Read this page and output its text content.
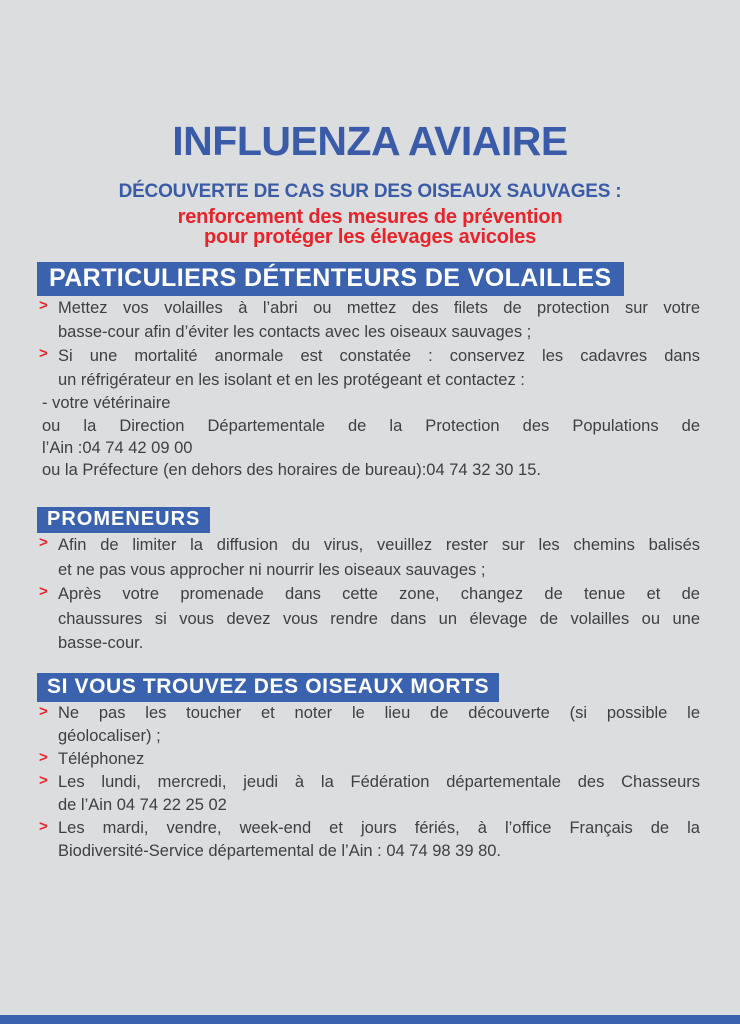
INFLUENZA AVIAIRE
DÉCOUVERTE DE CAS SUR DES OISEAUX SAUVAGES :
renforcement des mesures de prévention
pour protéger les élevages avicoles
PARTICULIERS DÉTENTEURS DE VOLAILLES

> Mettez vos volailles à l’abri ou mettez des filets de protection sur votre
basse-cour afin d’éviter les contacts avec les oiseaux sauvages ;

> Si une mortalité anormale est constatée : conservez les cadavres dans
un réfrigérateur en les isolant et en les protégeant et contactez :

- votre vétérinaire

ou la Direction Départementale de la Protection des Populations de
l’Ain :04 74 42 09 00

ou la Préfecture (en dehors des horaires de bureau):04 74 32 30 15.

PROMENEURS

> Afin de limiter la diffusion du virus, veuillez rester sur les chemins balisés
et ne pas vous approcher ni nourrir les oiseaux sauvages ;

> Après votre promenade dans cette zone, changez de tenue et de
chaussures si vous devez vous rendre dans un élevage de volailles ou une
basse-cour.

SI VOUS TROUVEZ DES OISEAUX MORTS

> Ne pas les toucher et noter le lieu de découverte (si possible le
géolocaliser) ;

> Téléphonez

> Les lundi, mercredi, jeudi à la Fédération départementale des Chasseurs
de l’Ain 04 74 22 25 02

> Les mardi, vendre, week-end et jours fériés, à l’office Français de la
Biodiversité-Service départemental de l’Ain : 04 74 98 39 80.
